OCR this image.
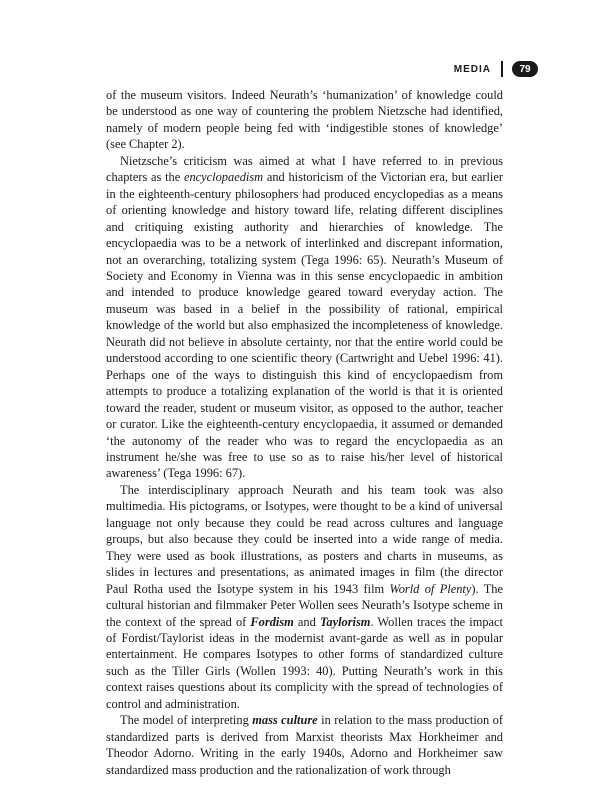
MEDIA	79

of the museum visitors. Indeed Neurath’s ‘humanization’ of knowledge could be understood as one way of countering the problem Nietzsche had identified, namely of modern people being fed with ‘indigestible stones of knowledge’ (see Chapter 2).

Nietzsche’s criticism was aimed at what I have referred to in previous chapters as the encyclopaedism and historicism of the Victorian era, but earlier in the eighteenth-century philosophers had produced encyclopedias as a means of orienting knowledge and history toward life, relating different disciplines and critiquing existing authority and hierarchies of knowledge. The encyclopaedia was to be a network of interlinked and discrepant information, not an overarching, totalizing system (Tega 1996: 65). Neurath’s Museum of Society and Economy in Vienna was in this sense encyclopaedic in ambition and intended to produce knowledge geared toward everyday action. The museum was based in a belief in the possibility of rational, empirical knowledge of the world but also emphasized the incompleteness of knowledge. Neurath did not believe in absolute certainty, nor that the entire world could be understood according to one scientific theory (Cartwright and Uebel 1996: 41). Perhaps one of the ways to distinguish this kind of encyclopaedism from attempts to produce a totalizing explanation of the world is that it is oriented toward the reader, student or museum visitor, as opposed to the author, teacher or curator. Like the eighteenth-century encyclopaedia, it assumed or demanded ‘the autonomy of the reader who was to regard the encyclopaedia as an instrument he/she was free to use so as to raise his/her level of historical awareness’ (Tega 1996: 67).

The interdisciplinary approach Neurath and his team took was also multimedia. His pictograms, or Isotypes, were thought to be a kind of universal language not only because they could be read across cultures and language groups, but also because they could be inserted into a wide range of media. They were used as book illustrations, as posters and charts in museums, as slides in lectures and presentations, as animated images in film (the director Paul Rotha used the Isotype system in his 1943 film World of Plenty). The cultural historian and filmmaker Peter Wollen sees Neurath’s Isotype scheme in the context of the spread of Fordism and Taylorism. Wollen traces the impact of Fordist/Taylorist ideas in the modernist avant-garde as well as in popular entertainment. He compares Isotypes to other forms of standardized culture such as the Tiller Girls (Wollen 1993: 40). Putting Neurath’s work in this context raises questions about its complicity with the spread of technologies of control and administration.

The model of interpreting mass culture in relation to the mass production of standardized parts is derived from Marxist theorists Max Horkheimer and Theodor Adorno. Writing in the early 1940s, Adorno and Horkheimer saw standardized mass production and the rationalization of work through
